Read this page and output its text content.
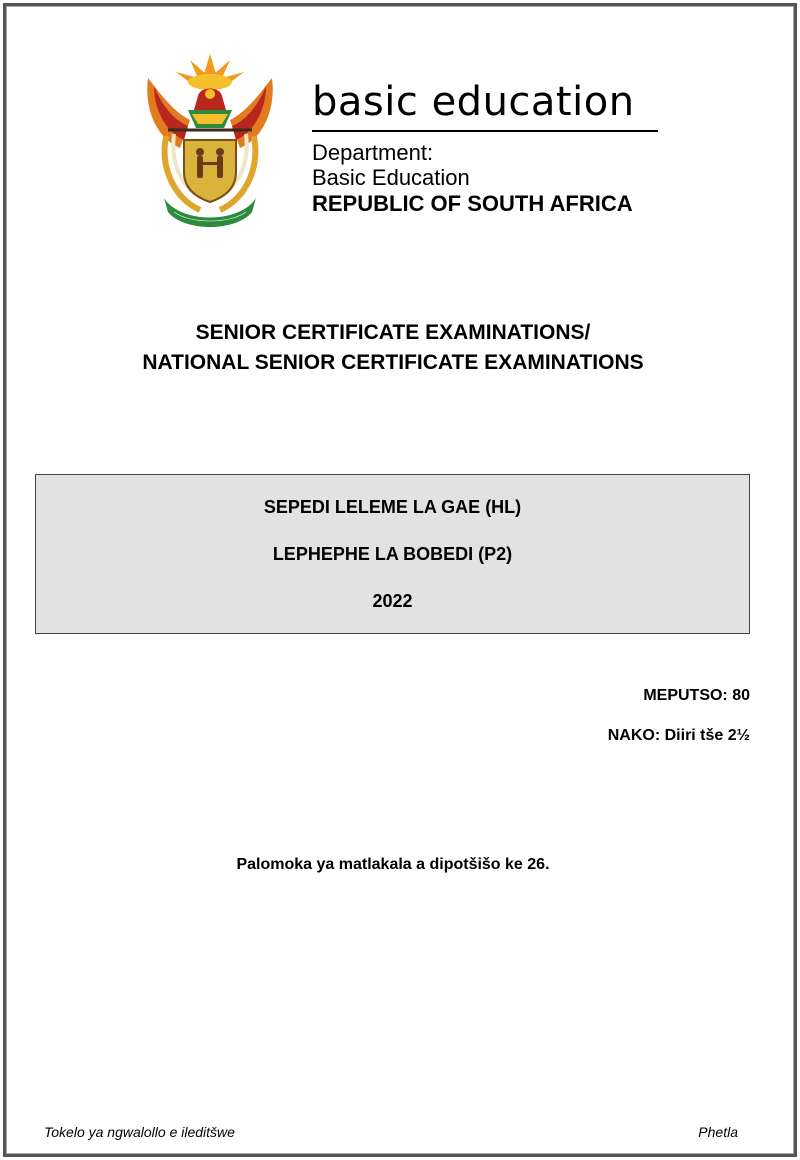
basic education
Department:
Basic Education
REPUBLIC OF SOUTH AFRICA
SENIOR CERTIFICATE EXAMINATIONS/
NATIONAL SENIOR CERTIFICATE EXAMINATIONS
SEPEDI LELEME LA GAE (HL)
LEPHEPHE LA BOBEDI (P2)
2022
MEPUTSO: 80
NAKO: Diiri tše 2½
Palomoka ya matlakala a dipotšišo ke 26.
Tokelo ya ngwalollo e ileditšwe	Phetla
